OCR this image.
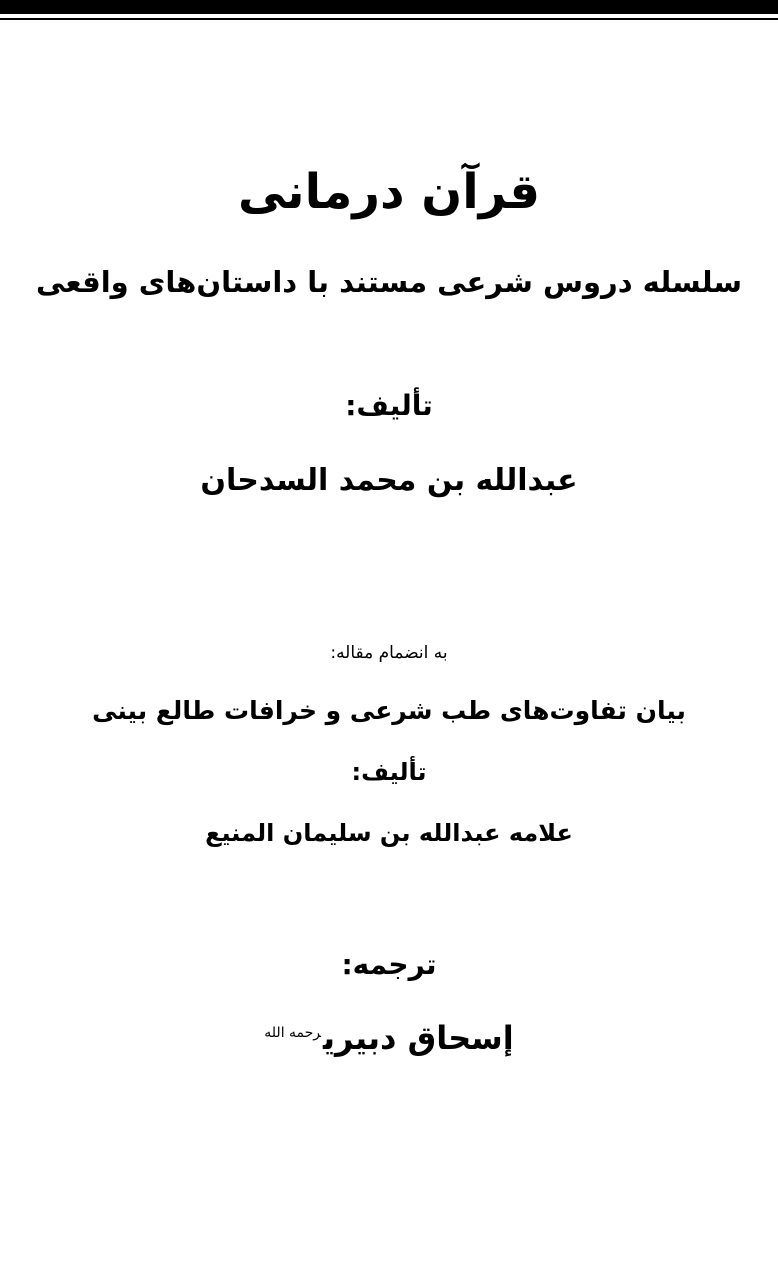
قرآن درمانی
سلسله دروس شرعی مستند با داستان‌های واقعی
تألیف:
عبدالله بن محمد السدحان
به انضمام مقاله:
بیان تفاوت‌های طب شرعی و خرافات طالع بینی
تألیف:
علامه عبدالله بن سلیمان المنیع
ترجمه:
إسحاق دبیری$^{رحمه الله}$
